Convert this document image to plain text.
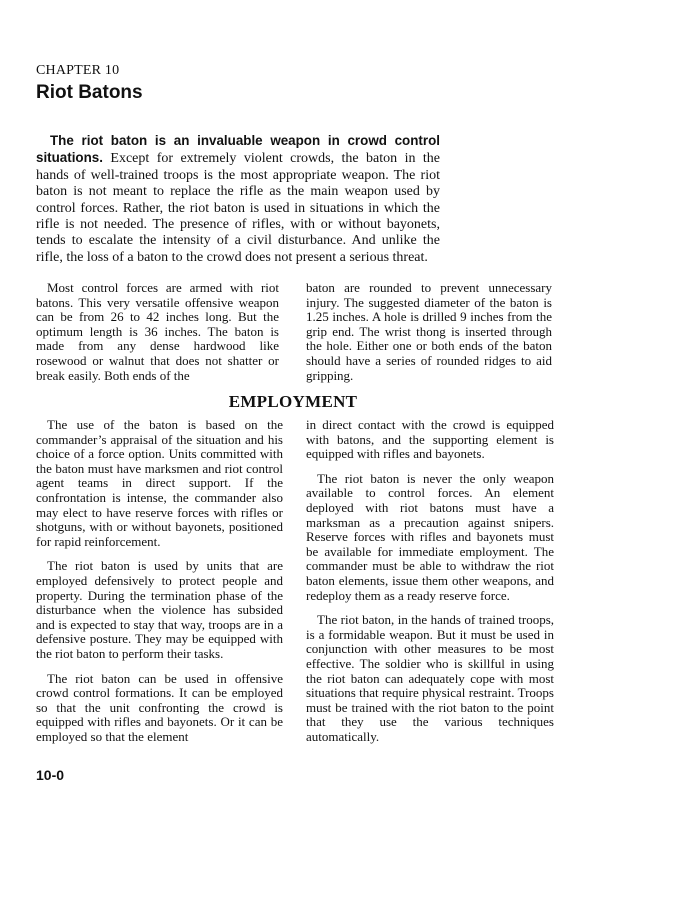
CHAPTER 10
Riot Batons
The riot baton is an invaluable weapon in crowd control situations. Except for extremely violent crowds, the baton in the hands of well-trained troops is the most appropriate weapon. The riot baton is not meant to replace the rifle as the main weapon used by control forces. Rather, the riot baton is used in situations in which the rifle is not needed. The presence of rifles, with or without bayonets, tends to escalate the intensity of a civil disturbance. And unlike the rifle, the loss of a baton to the crowd does not present a serious threat.

Most control forces are armed with riot batons. This very versatile offensive weapon can be from 26 to 42 inches long. But the optimum length is 36 inches. The baton is made from any dense hardwood like rosewood or walnut that does not shatter or break easily. Both ends of the

baton are rounded to prevent unnecessary injury. The suggested diameter of the baton is 1.25 inches. A hole is drilled 9 inches from the grip end. The wrist thong is inserted through the hole. Either one or both ends of the baton should have a series of rounded ridges to aid gripping.

EMPLOYMENT

The use of the baton is based on the commander’s appraisal of the situation and his choice of a force option. Units committed with the baton must have marksmen and riot control agent teams in direct support. If the confrontation is intense, the commander also may elect to have reserve forces with rifles or shotguns, with or without bayonets, positioned for rapid reinforcement.

The riot baton is used by units that are employed defensively to protect people and property. During the termination phase of the disturbance when the violence has subsided and is expected to stay that way, troops are in a defensive posture. They may be equipped with the riot baton to perform their tasks.

The riot baton can be used in offensive crowd control formations. It can be employed so that the unit confronting the crowd is equipped with rifles and bayonets. Or it can be employed so that the element

in direct contact with the crowd is equipped with batons, and the supporting element is equipped with rifles and bayonets.

The riot baton is never the only weapon available to control forces. An element deployed with riot batons must have a marksman as a precaution against snipers. Reserve forces with rifles and bayonets must be available for immediate employment. The commander must be able to withdraw the riot baton elements, issue them other weapons, and redeploy them as a ready reserve force.

The riot baton, in the hands of trained troops, is a formidable weapon. But it must be used in conjunction with other measures to be most effective. The soldier who is skillful in using the riot baton can adequately cope with most situations that require physical restraint. Troops must be trained with the riot baton to the point that they use the various techniques automatically.

10-0
